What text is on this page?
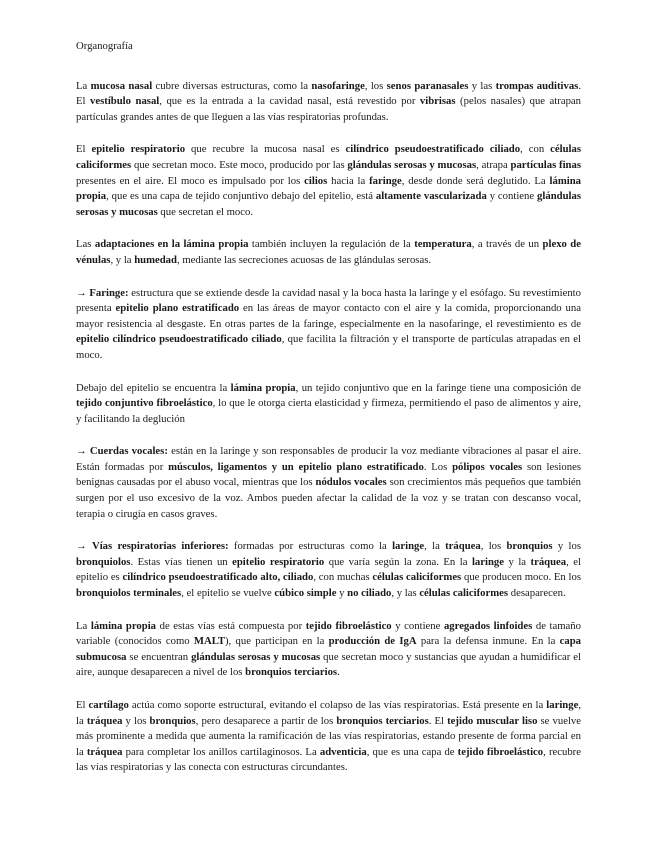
Organografía

La mucosa nasal cubre diversas estructuras, como la nasofaringe, los senos paranasales y las trompas auditivas. El vestíbulo nasal, que es la entrada a la cavidad nasal, está revestido por vibrisas (pelos nasales) que atrapan partículas grandes antes de que lleguen a las vías respiratorias profundas.

El epitelio respiratorio que recubre la mucosa nasal es cilíndrico pseudoestratificado ciliado, con células caliciformes que secretan moco. Este moco, producido por las glándulas serosas y mucosas, atrapa partículas finas presentes en el aire. El moco es impulsado por los cilios hacia la faringe, desde donde será deglutido. La lámina propia, que es una capa de tejido conjuntivo debajo del epitelio, está altamente vascularizada y contiene glándulas serosas y mucosas que secretan el moco.

Las adaptaciones en la lámina propia también incluyen la regulación de la temperatura, a través de un plexo de vénulas, y la humedad, mediante las secreciones acuosas de las glándulas serosas.

→ Faringe: estructura que se extiende desde la cavidad nasal y la boca hasta la laringe y el esófago. Su revestimiento presenta epitelio plano estratificado en las áreas de mayor contacto con el aire y la comida, proporcionando una mayor resistencia al desgaste. En otras partes de la faringe, especialmente en la nasofaringe, el revestimiento es de epitelio cilíndrico pseudoestratificado ciliado, que facilita la filtración y el transporte de partículas atrapadas en el moco.

Debajo del epitelio se encuentra la lámina propia, un tejido conjuntivo que en la faringe tiene una composición de tejido conjuntivo fibroelástico, lo que le otorga cierta elasticidad y firmeza, permitiendo el paso de alimentos y aire, y facilitando la deglución

→ Cuerdas vocales: están en la laringe y son responsables de producir la voz mediante vibraciones al pasar el aire. Están formadas por músculos, ligamentos y un epitelio plano estratificado. Los pólipos vocales son lesiones benignas causadas por el abuso vocal, mientras que los nódulos vocales son crecimientos más pequeños que también surgen por el uso excesivo de la voz. Ambos pueden afectar la calidad de la voz y se tratan con descanso vocal, terapia o cirugía en casos graves.

→ Vías respiratorias inferiores: formadas por estructuras como la laringe, la tráquea, los bronquios y los bronquiolos. Estas vías tienen un epitelio respiratorio que varía según la zona. En la laringe y la tráquea, el epitelio es cilíndrico pseudoestratificado alto, ciliado, con muchas células caliciformes que producen moco. En los bronquiolos terminales, el epitelio se vuelve cúbico simple y no ciliado, y las células caliciformes desaparecen.

La lámina propia de estas vías está compuesta por tejido fibroelástico y contiene agregados linfoides de tamaño variable (conocidos como MALT), que participan en la producción de IgA para la defensa inmune. En la capa submucosa se encuentran glándulas serosas y mucosas que secretan moco y sustancias que ayudan a humidificar el aire, aunque desaparecen a nivel de los bronquios terciarios.

El cartílago actúa como soporte estructural, evitando el colapso de las vías respiratorias. Está presente en la laringe, la tráquea y los bronquios, pero desaparece a partir de los bronquios terciarios. El tejido muscular liso se vuelve más prominente a medida que aumenta la ramificación de las vías respiratorias, estando presente de forma parcial en la tráquea para completar los anillos cartilaginosos. La adventicia, que es una capa de tejido fibroelástico, recubre las vías respiratorias y las conecta con estructuras circundantes.
